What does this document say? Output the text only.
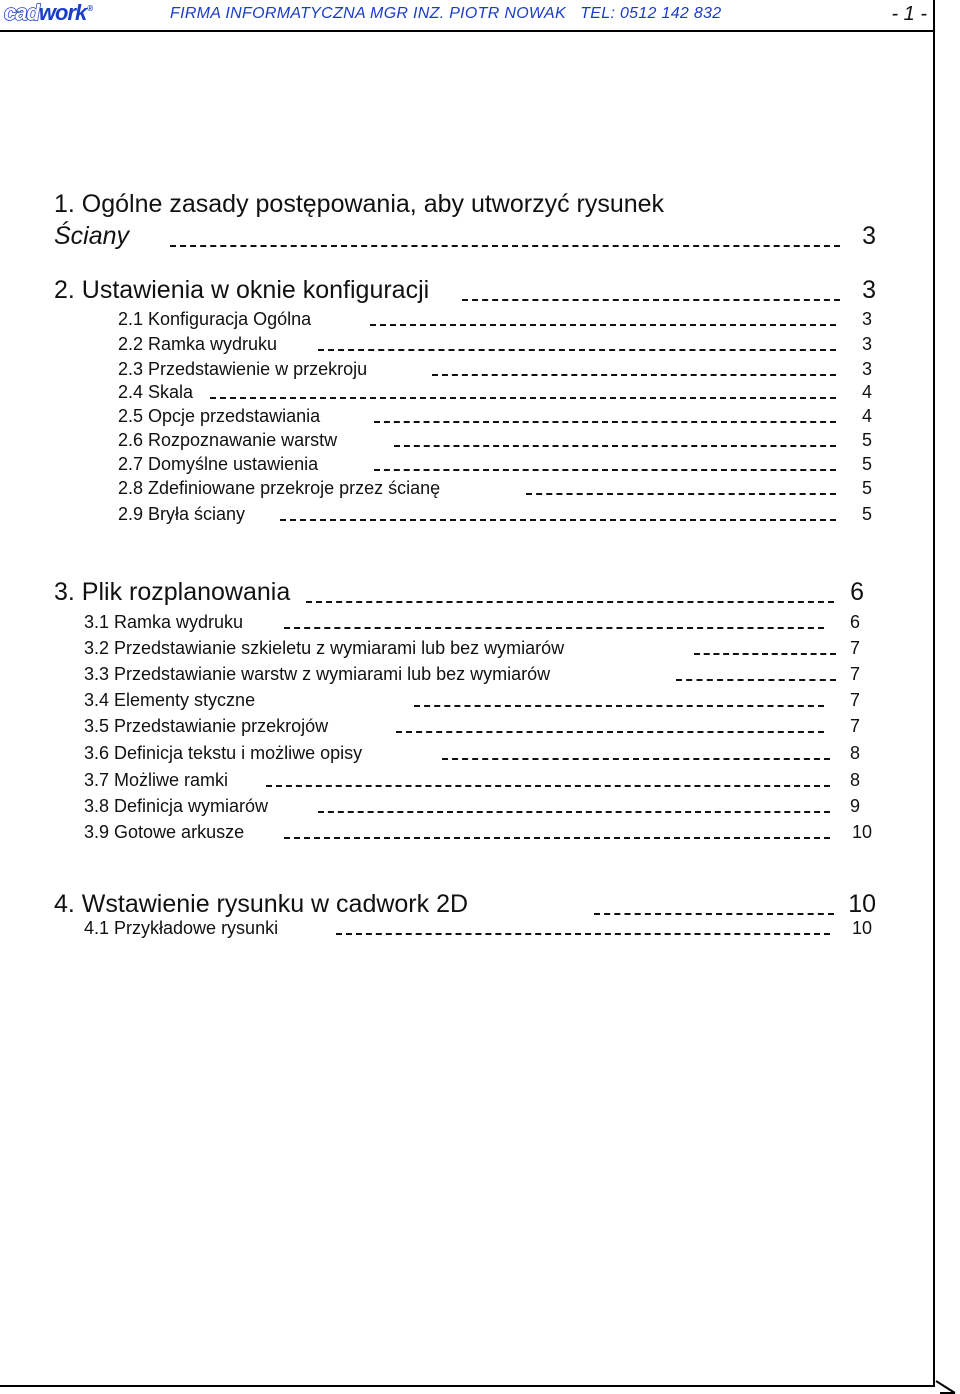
cad work ®	FIRMA INFORMATYCZNA MGR INZ. PIOTR NOWAK   TEL: 0512 142 832	- 1 -
1. Ogólne zasady postępowania, aby utworzyć rysunek
Ściany	3
2. Ustawienia w oknie konfiguracji	3
2.1 Konfiguracja Ogólna	3
2.2 Ramka wydruku	3
2.3 Przedstawienie w przekroju	3
2.4 Skala	4
2.5 Opcje przedstawiania	4
2.6 Rozpoznawanie warstw	5
2.7 Domyślne ustawienia	5
2.8 Zdefiniowane przekroje przez ścianę	5
2.9 Bryła ściany	5
3. Plik rozplanowania	6
3.1 Ramka wydruku	6
3.2 Przedstawianie szkieletu z wymiarami lub bez wymiarów	7
3.3 Przedstawianie warstw z wymiarami lub bez wymiarów	7
3.4 Elementy styczne	7
3.5 Przedstawianie przekrojów	7
3.6 Definicja tekstu i możliwe opisy	8
3.7 Możliwe ramki	8
3.8 Definicja wymiarów	9
3.9 Gotowe arkusze	10
4. Wstawienie rysunku w cadwork 2D	10
4.1 Przykładowe rysunki	10
